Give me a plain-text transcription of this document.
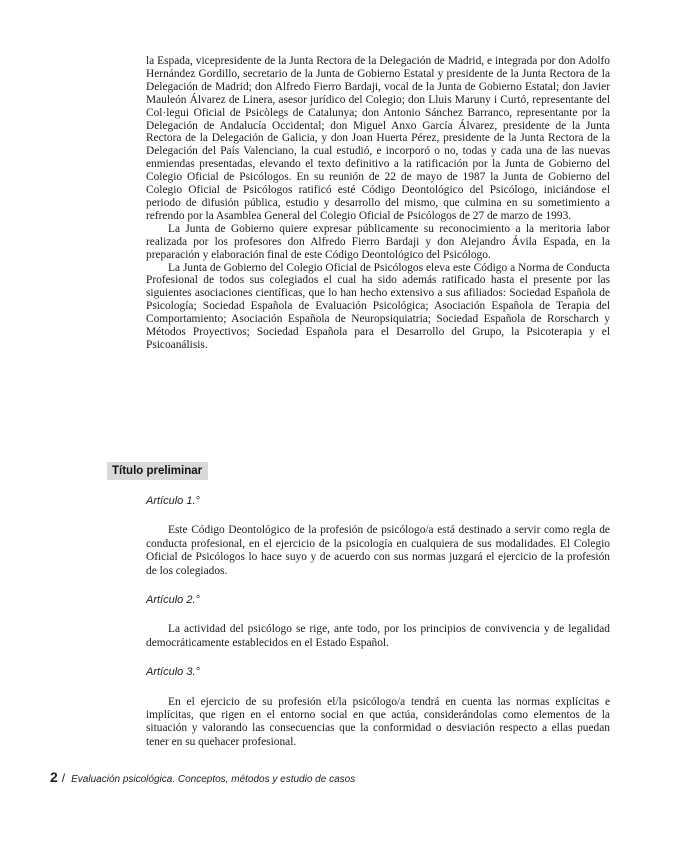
la Espada, vicepresidente de la Junta Rectora de la Delegación de Madrid, e integrada por don Adolfo Hernández Gordillo, secretario de la Junta de Gobierno Estatal y presidente de la Junta Rectora de la Delegación de Madrid; don Alfredo Fierro Bardaji, vocal de la Junta de Gobierno Estatal; don Javier Mauleón Álvarez de Linera, asesor jurídico del Colegio; don Lluis Maruny i Curtó, representante del Col·legui Oficial de Psicòlegs de Catalunya; don Antonio Sánchez Barranco, representante por la Delegación de Andalucía Occidental; don Miguel Anxo García Álvarez, presidente de la Junta Rectora de la Delegación de Galicia, y don Joan Huerta Pérez, presidente de la Junta Rectora de la Delegación del País Valenciano, la cual estudió, e incorporó o no, todas y cada una de las nuevas enmiendas presentadas, elevando el texto definitivo a la ratificación por la Junta de Gobierno del Colegio Oficial de Psicólogos. En su reunión de 22 de mayo de 1987 la Junta de Gobierno del Colegio Oficial de Psicólogos ratificó esté Código Deontológico del Psicólogo, iniciándose el periodo de difusión pública, estudio y desarrollo del mismo, que culmina en su sometimiento a refrendo por la Asamblea General del Colegio Oficial de Psicólogos de 27 de marzo de 1993.

La Junta de Gobierno quiere expresar públicamente su reconocimiento a la meritoria labor realizada por los profesores don Alfredo Fierro Bardaji y don Alejandro Ávila Espada, en la preparación y elaboración final de este Código Deontológico del Psicólogo.

La Junta de Gobierno del Colegio Oficial de Psicólogos eleva este Código a Norma de Conducta Profesional de todos sus colegiados el cual ha sido además ratificado hasta el presente por las siguientes asociaciones científicas, que lo han hecho extensivo a sus afiliados: Sociedad Española de Psicología; Sociedad Española de Evaluación Psicológica; Asociación Española de Terapia del Comportamiento; Asociación Española de Neuropsiquiatria; Sociedad Española de Rorscharch y Métodos Proyectivos; Sociedad Española para el Desarrollo del Grupo, la Psicoterapia y el Psicoanálisis.

Título preliminar

Artículo 1.°

Este Código Deontológico de la profesión de psicólogo/a está destinado a servir como regla de conducta profesional, en el ejercicio de la psicología en cualquiera de sus modalidades. El Colegio Oficial de Psicólogos lo hace suyo y de acuerdo con sus normas juzgará el ejercicio de la profesión de los colegiados.

Artículo 2.°

La actividad del psicólogo se rige, ante todo, por los principios de convivencia y de legalidad democráticamente establecidos en el Estado Español.

Artículo 3.°

En el ejercicio de su profesión el/la psicólogo/a tendrá en cuenta las normas explícitas e implícitas, que rigen en el entorno social en que actúa, considerándolas como elementos de la situación y valorando las consecuencias que la conformidad o desviación respecto a ellas puedan tener en su quehacer profesional.

2 / Evaluación psicológica. Conceptos, métodos y estudio de casos
